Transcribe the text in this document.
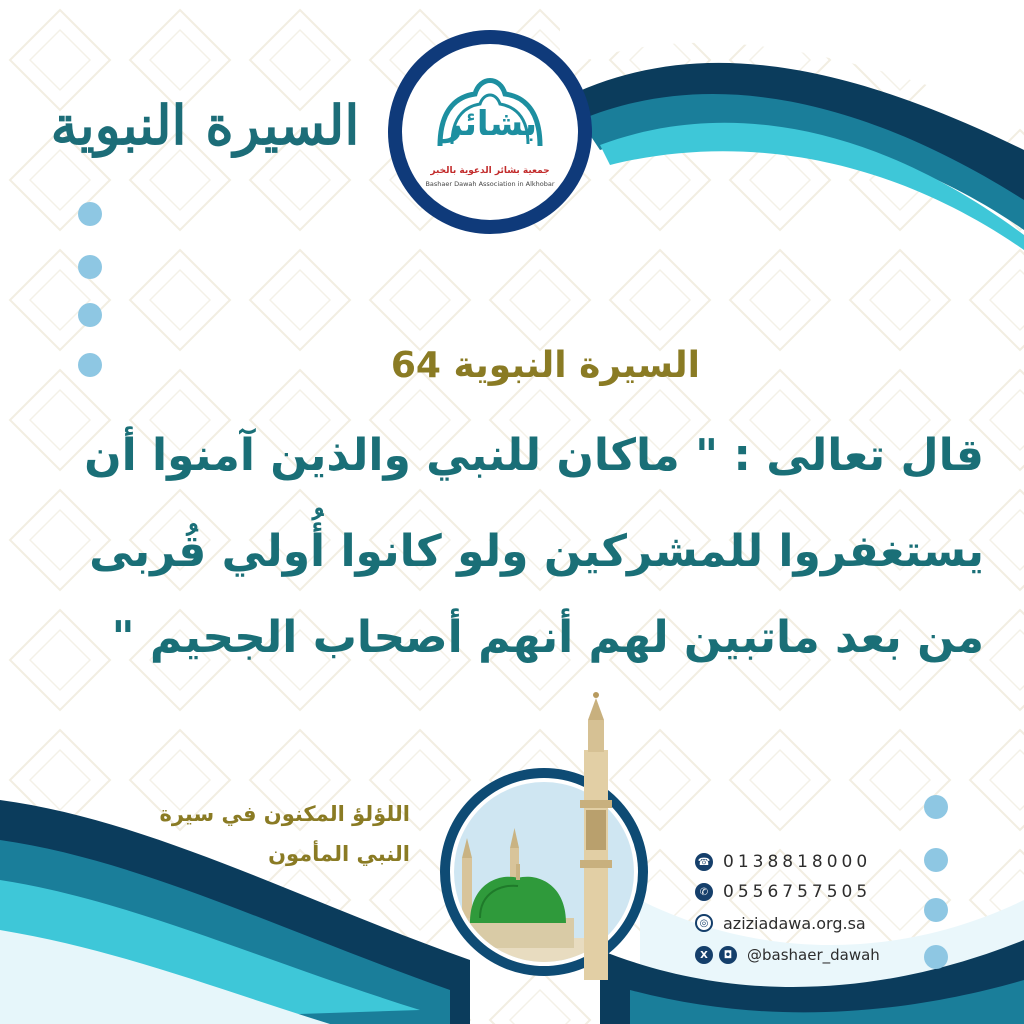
السيرة النبوية	بشائر
جمعية بشائر الدعوية بالخبر
Bashaer Dawah Association in Alkhobar
السيرة النبوية 64
قال تعالى : " ماكان للنبي والذين آمنوا أن
يستغفروا للمشركين ولو كانوا أُولي قُربى
من بعد ماتبين لهم أنهم أصحاب الجحيم "
اللؤلؤ المكنون في سيرة
النبي المأمون	☎ 0138818000
✆ 0556757505
◎ aziziadawa.org.sa
X	◘ @bashaer_dawah
